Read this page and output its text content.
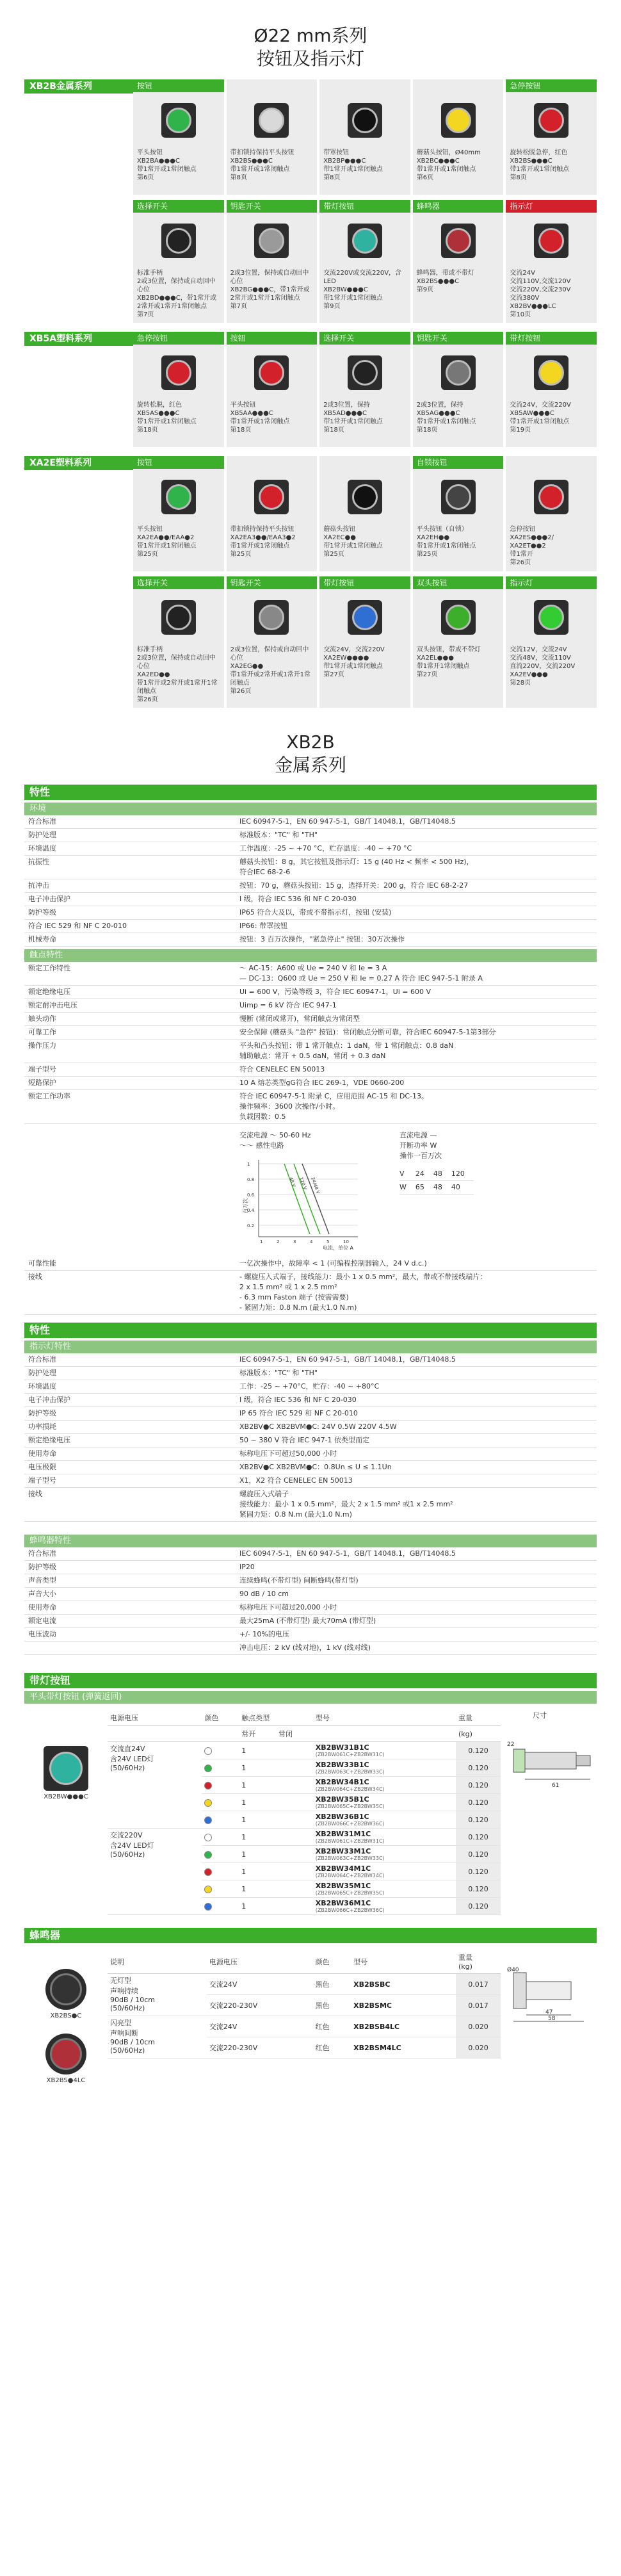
Ø22 mm系列
按钮及指示灯
XB2B金属系列	按钮
平头按钮
XB2BA●●●C
带1常开或1常闭触点
第6页
带扣锁持保持平头按钮
XB2BS●●●C
带1常开或1常闭触点
第8页
带罩按钮
XB2BP●●●C
带1常开或1常闭触点
第8页
蘑菇头按钮，Ø40mm
XB2BC●●●C
带1常开或1常闭触点
第6页
急停按钮
旋转松脱急停，红色
XB2BS●●●C
带1常开或1常闭触点
第8页
选择开关
标准手柄
2或3位置，保持或自动回中心位
XB2BD●●●C，带1常开或2常开或1常开1常闭触点
第7页
钥匙开关
2或3位置，保持或自动回中心位
XB2BG●●●C，带1常开或2常开或1常开1常闭触点
第7页
带灯按钮
交流220V或交流220V，含LED
XB2BW●●●C
带1常开或1常闭触点
第9页
蜂鸣器
蜂鸣器，带或不带灯
XB2BS●●●C
第9页
指示灯
交流24V
交流110V,交流120V
交流220V,交流230V
交流380V
XB2BV●●●LC
第10页
XB5A塑料系列	急停按钮
旋转松脱，红色
XB5AS●●●C
带1常开或1常闭触点
第18页
按钮
平头按钮
XB5AA●●●C
带1常开或1常闭触点
第18页
选择开关
2或3位置，保持
XB5AD●●●C
带1常开或1常闭触点
第18页
钥匙开关
2或3位置，保持
XB5AG●●●C
带1常开或1常闭触点
第18页
带灯按钮
交流24V，交流220V
XB5AW●●●C
带1常开或1常闭触点
第19页
XA2E塑料系列	按钮
平头按钮
XA2EA●●/EAA●2
带1常开或1常闭触点
第25页
带扣锁持保持平头按钮
XA2EA3●●/EAA3●2
带1常开或1常闭触点
第25页
蘑菇头按钮
XA2EC●●
带1常开或1常闭触点
第25页
自锁按钮
平头按钮（自锁）
XA2EH●●
带1常开或1常闭触点
第25页
急停按钮
XA2ES●●●2/
XA2ET●●2
带1常开
第26页
选择开关
标准手柄
2或3位置，保持或自动回中心位
XA2ED●●
带1常开或2常开或1常开1常闭触点
第26页
钥匙开关
2或3位置，保持或自动回中心位
XA2EG●●
带1常开或2常开或1常开1常闭触点
第26页
带灯按钮
交流24V，交流220V
XA2EW●●●●
带1常开或1常闭触点
第27页
双头按钮
双头按钮，带或不带灯
XA2EL●●●
带1常开1常闭触点
第27页
指示灯
交流12V，交流24V
交流48V，交流110V
直流220V，交流220V
XA2EV●●●
第28页
XB2B
金属系列
特性
环境
符合标准	IEC 60947-5-1，EN 60 947-5-1，GB/T 14048.1，GB/T14048.5
防护处理	标准版本："TC" 和 "TH"
环境温度	工作温度：-25 ~ +70 °C，贮存温度：-40 ~ +70 °C
抗振性	蘑菇头按钮：8 g，其它按钮及指示灯：15 g (40 Hz < 频率 < 500 Hz)，
符合IEC 68-2-6
抗冲击	按钮：70 g，蘑菇头按钮：15 g，选择开关：200 g，符合 IEC 68-2-27
电子冲击保护	I 级，符合 IEC 536 和 NF C 20-030
防护等级	IP65 符合大及以，带或不带指示灯，按钮 (安装)
符合 IEC 529 和 NF C 20-010	IP66: 带罩按钮
机械寿命	按钮：3 百万次操作，"紧急停止" 按钮：30万次操作
触点特性
额定工作特性	〜 AC-15：A600 或 Ue = 240 V 和 Ie = 3 A
— DC-13：Q600 或 Ue = 250 V 和 Ie = 0.27 A 符合 IEC 947-5-1 附录 A
额定绝缘电压	Ui = 600 V，污染等级 3，符合 IEC 60947-1，Ui = 600 V
额定耐冲击电压	Uimp = 6 kV 符合 IEC 947-1
触头动作	慢断 (常闭或常开)，常闭触点为常闭型
可靠工作	安全保障 (蘑菇头 "急停" 按钮)：常闭触点分断可靠，符合IEC 60947-5-1第3部分
操作压力	平头和凸头按钮：带 1 常开触点：1 daN，带 1 常闭触点：0.8 daN
辅助触点：常开 + 0.5 daN，常闭 + 0.3 daN
端子型号	符合 CENELEC EN 50013
短路保护	10 A 熔芯类型gG符合 IEC 269-1，VDE 0660-200
额定工作功率	符合 IEC 60947-5-1 附录 C，应用范围 AC-15 和 DC-13。
操作频率：3600 次操作/小时。
负载因数：0.5
交流电源 〜 50-60 Hz
〜〜 感性电路
48 V 120 V 24/48 V
1
0.8
0.6
0.4
0.2
1	2	3	4	5	10
百万次
电流，单位 A
直流电源 —
开断功率 W
操作一百万次
V	24	48	120
W	65	48	40
可靠性能	一亿次操作中，故障率 < 1 (可编程控制器输入，24 V d.c.)
接线	- 螺旋压入式端子，接线能力：最小 1 x 0.5 mm²，最大，带或不带接线端片：
2 x 1.5 mm² 或 1 x 2.5 mm²
- 6.3 mm Faston 端子 (按需需要)
- 紧固力矩：0.8 N.m (最大1.0 N.m)
特性
指示灯特性
符合标准	IEC 60947-5-1，EN 60 947-5-1，GB/T 14048.1，GB/T14048.5
防护处理	标准版本："TC" 和 "TH"
环境温度	工作：-25 ~ +70°C，贮存：-40 ~ +80°C
电子冲击保护	I 级，符合 IEC 536 和 NF C 20-030
防护等级	IP 65 符合 IEC 529 和 NF C 20-010
功率损耗	XB2BV●C XB2BVM●C: 24V 0.5W 220V 4.5W
额定绝缘电压	50 ~ 380 V 符合 IEC 947-1 依类型而定
使用寿命	标称电压下可超过50,000 小时
电压极限	XB2BV●C XB2BVM●C：0.8Un ≤ U ≤ 1.1Un
端子型号	X1，X2 符合 CENELEC EN 50013
接线	螺旋压入式端子
接线能力：最小 1 x 0.5 mm²，最大 2 x 1.5 mm² 或1 x 2.5 mm²
紧固力矩：0.8 N.m (最大1.0 N.m)
蜂鸣器特性
符合标准	IEC 60947-5-1，EN 60 947-5-1，GB/T 14048.1，GB/T14048.5
防护等级	IP20
声音类型	连续蜂鸣(不带灯型) 间断蜂鸣(带灯型)
声音大小	90 dB / 10 cm
使用寿命	标称电压下可超过20,000 小时
额定电流	最大25mA (不带灯型) 最大70mA (带灯型)
电压波动	+/- 10%的电压
	冲击电压：2 kV (线对地)，1 kV (线对线)
带灯按钮
平头带灯按钮 (弹簧返回)
XB2BW●●●C
电源电压	颜色	触点类型		型号	重量
		常开	常闭		(kg)
交流直24V
含24V LED灯
(50/60Hz)		1		XB2BW31B1C
(ZB2BW061C+ZB2BW31C)	0.120
		1		XB2BW33B1C
(ZB2BW063C+ZB2BW33C)	0.120
		1		XB2BW34B1C
(ZB2BW064C+ZB2BW34C)	0.120
		1		XB2BW35B1C
(ZB2BW065C+ZB2BW35C)	0.120
		1		XB2BW36B1C
(ZB2BW066C+ZB2BW36C)	0.120
交流220V
含24V LED灯
(50/60Hz)		1		XB2BW31M1C
(ZB2BW061C+ZB2BW31C)	0.120
		1		XB2BW33M1C
(ZB2BW063C+ZB2BW33C)	0.120
		1		XB2BW34M1C
(ZB2BW064C+ZB2BW34C)	0.120
		1		XB2BW35M1C
(ZB2BW065C+ZB2BW35C)	0.120
		1		XB2BW36M1C
(ZB2BW066C+ZB2BW36C)	0.120
尺寸
61
22
蜂鸣器
XB2BS●C
XB2BS●4LC
说明	电源电压	颜色	型号	重量
(kg)
无灯型
声响持续
90dB / 10cm
(50/60Hz)	交流24V	黑色	XB2BSBC	0.017
	交流220-230V	黑色	XB2BSMC	0.017
闪亮型
声响间断
90dB / 10cm
(50/60Hz)	交流24V	红色	XB2BSB4LC	0.020
	交流220-230V	红色	XB2BSM4LC	0.020
Ø40
47
58
